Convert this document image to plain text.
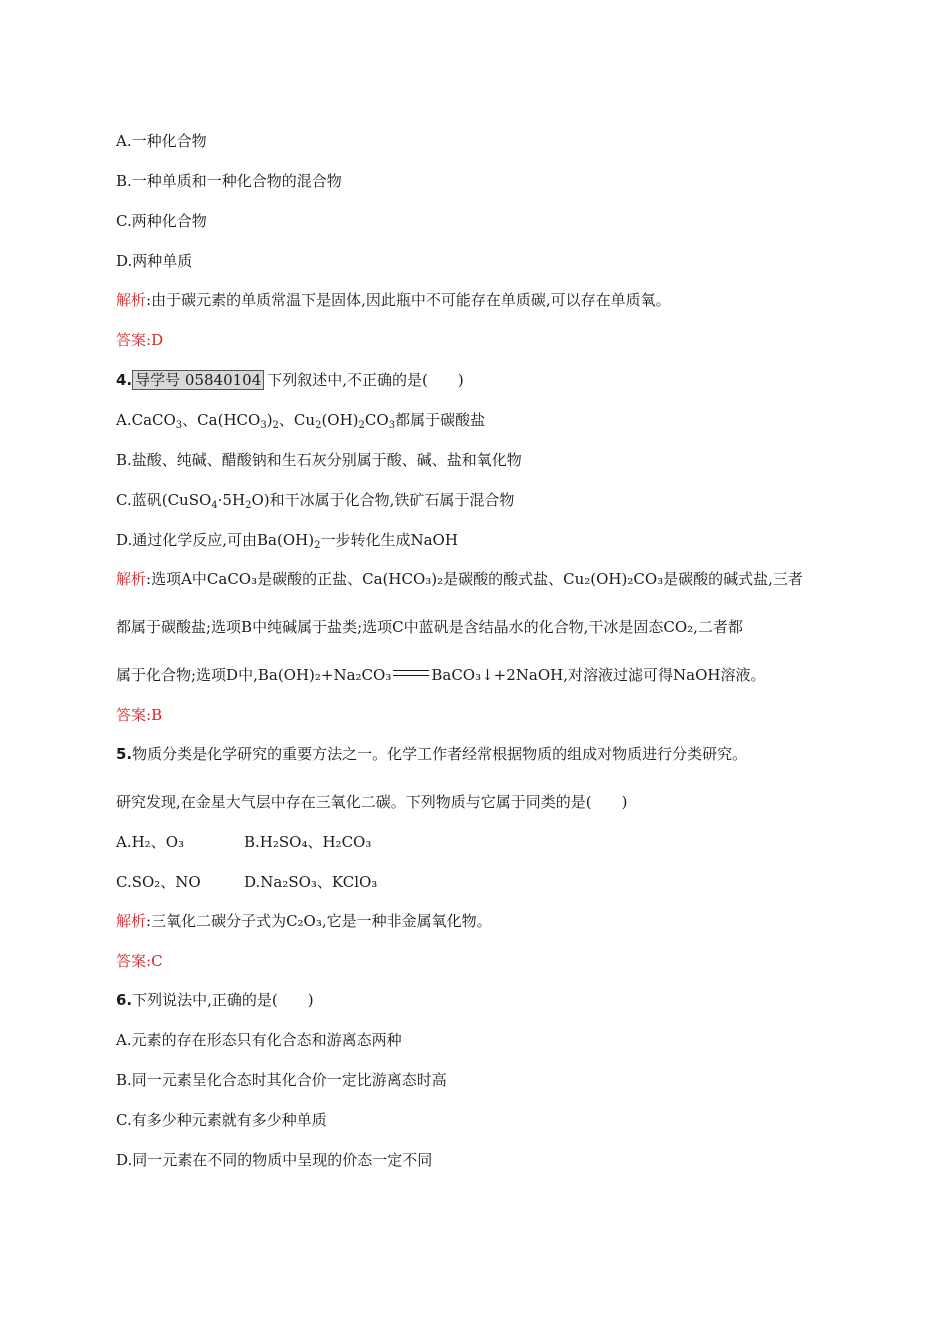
A.一种化合物
B.一种单质和一种化合物的混合物
C.两种化合物
D.两种单质
解析:由于碳元素的单质常温下是固体,因此瓶中不可能存在单质碳,可以存在单质氧。
答案:D
4. 导学号 05840104 下列叙述中,不正确的是( )
A.CaCO$_3$、$Ca(HCO_3)_2$、$Cu_2(OH)_2CO_3$都属于碳酸盐
B.盐酸、纯碱、醋酸钠和生石灰分别属于酸、碱、盐和氧化物
C.蓝矾$(CuSO_4\cdot 5H_2O)$和干冰属于化合物,铁矿石属于混合物
D.通过化学反应,可由$Ba(OH)_2$一步转化生成NaOH
解析:选项A中CaCO₃是碳酸的正盐、Ca(HCO₃)₂是碳酸的酸式盐、Cu₂(OH)₂CO₃是碳酸的碱式盐,三者
都属于碳酸盐;选项B中纯碱属于盐类;选项C中蓝矾是含结晶水的化合物,干冰是固态CO₂,二者都
属于化合物;选项D中,Ba(OH)₂+Na₂CO₃	BaCO₃↓+2NaOH,对溶液过滤可得NaOH溶液。
答案:B
5.物质分类是化学研究的重要方法之一。化学工作者经常根据物质的组成对物质进行分类研究。
研究发现,在金星大气层中存在三氧化二碳。下列物质与它属于同类的是( )
A.H₂、O₃	B.H₂SO₄、H₂CO₃
C.SO₂、NO	D.Na₂SO₃、KClO₃
解析:三氧化二碳分子式为C₂O₃,它是一种非金属氧化物。
答案:C
6.下列说法中,正确的是( )
A.元素的存在形态只有化合态和游离态两种
B.同一元素呈化合态时其化合价一定比游离态时高
C.有多少种元素就有多少种单质
D.同一元素在不同的物质中呈现的价态一定不同
